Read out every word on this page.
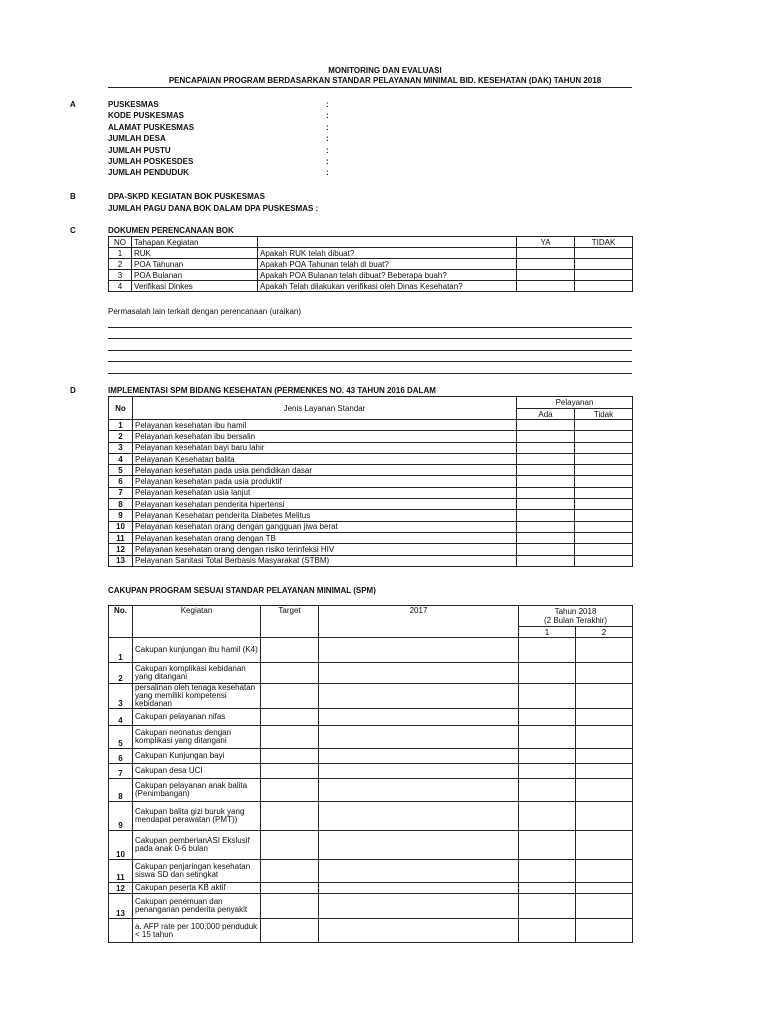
MONITORING DAN EVALUASI
PENCAPAIAN PROGRAM BERDASARKAN STANDAR PELAYANAN MINIMAL BID. KESEHATAN (DAK) TAHUN 2018
A	PUSKESMAS	:
KODE PUSKESMAS	:
ALAMAT PUSKESMAS	:
JUMLAH DESA	:
JUMLAH PUSTU	:
JUMLAH POSKESDES	:
JUMLAH PENDUDUK	:
B	DPA-SKPD KEGIATAN BOK PUSKESMAS
JUMLAH PAGU DANA BOK DALAM DPA PUSKESMAS :
C	DOKUMEN PERENCANAAN BOK
NO	Tahapan Kegiatan		YA	TIDAK
1	RUK	Apakah RUK telah dibuat?		
2	POA Tahunan	Apakah POA Tahunan telah di buat?		
3	POA Bulanan	Apakah POA Bulanan telah dibuat? Beberapa buah?		
4	Verifikasi Dinkes	Apakah Telah dilakukan verifikasi oleh Dinas Kesehatan?		
Permasalah lain terkait dengan perencanaan (uraikan)
D	IMPLEMENTASI SPM BIDANG KESEHATAN (PERMENKES NO. 43 TAHUN 2016 DALAM
No	Jenis Layanan Standar	Pelayanan	
		Ada	Tidak
1	Pelayanan kesehatan ibu hamil		
2	Pelayanan kesehatan ibu bersalin		
3	Pelayanan kesehatan bayi baru lahir		
4	Pelayanan Kesehatan balita		
5	Pelayanan kesehatan pada usia pendidikan dasar		
6	Pelayanan kesehatan pada usia produktif		
7	Pelayanan kesehatan usia lanjut		
8	Pelayanan kesehatan penderita hipertensi		
9	Pelayanan Kesehatan penderita Diabetes Melitus		
10	Pelayanan kesehatan orang dengan gangguan jiwa berat		
11	Pelayanan kesehatan orang dengan TB		
12	Pelayanan kesehatan orang dengan risiko terinfeksi HIV		
13	Pelayanan Sanitasi Total Berbasis Masyarakat (STBM)		
CAKUPAN PROGRAM SESUAI STANDAR PELAYANAN MINIMAL (SPM)
No.	Kegiatan	Target	2017	Tahun 2018
(2 Bulan Terakhir)	

				1	2
1	Cakupan kunjungan ibu hamil (K4)				
2	Cakupan komplikasi kebidanan yang ditangani				
3	persalinan oleh tenaga kesehatan yang memiliki kompetensi kebidanan				
4	Cakupan pelayanan nifas				
5	Cakupan neonatus dengan komplikasi yang ditangani				
6	Cakupan Kunjungan bayi				
7	Cakupan desa UCI				
8	Cakupan pelayanan anak balita (Penimbangan)				
9	Cakupan balita gizi buruk yang mendapat perawatan (PMT))				
10	Cakupan pemberianASI Ekslusif pada anak 0-6 bulan				
11	Cakupan penjaringan kesehatan siswa SD dan setingkat				
12	Cakupan peserta KB aktif				
13	Cakupan penemuan dan penanganan penderita penyakit				
	a. AFP rate per 100.000 penduduk < 15 tahun				
